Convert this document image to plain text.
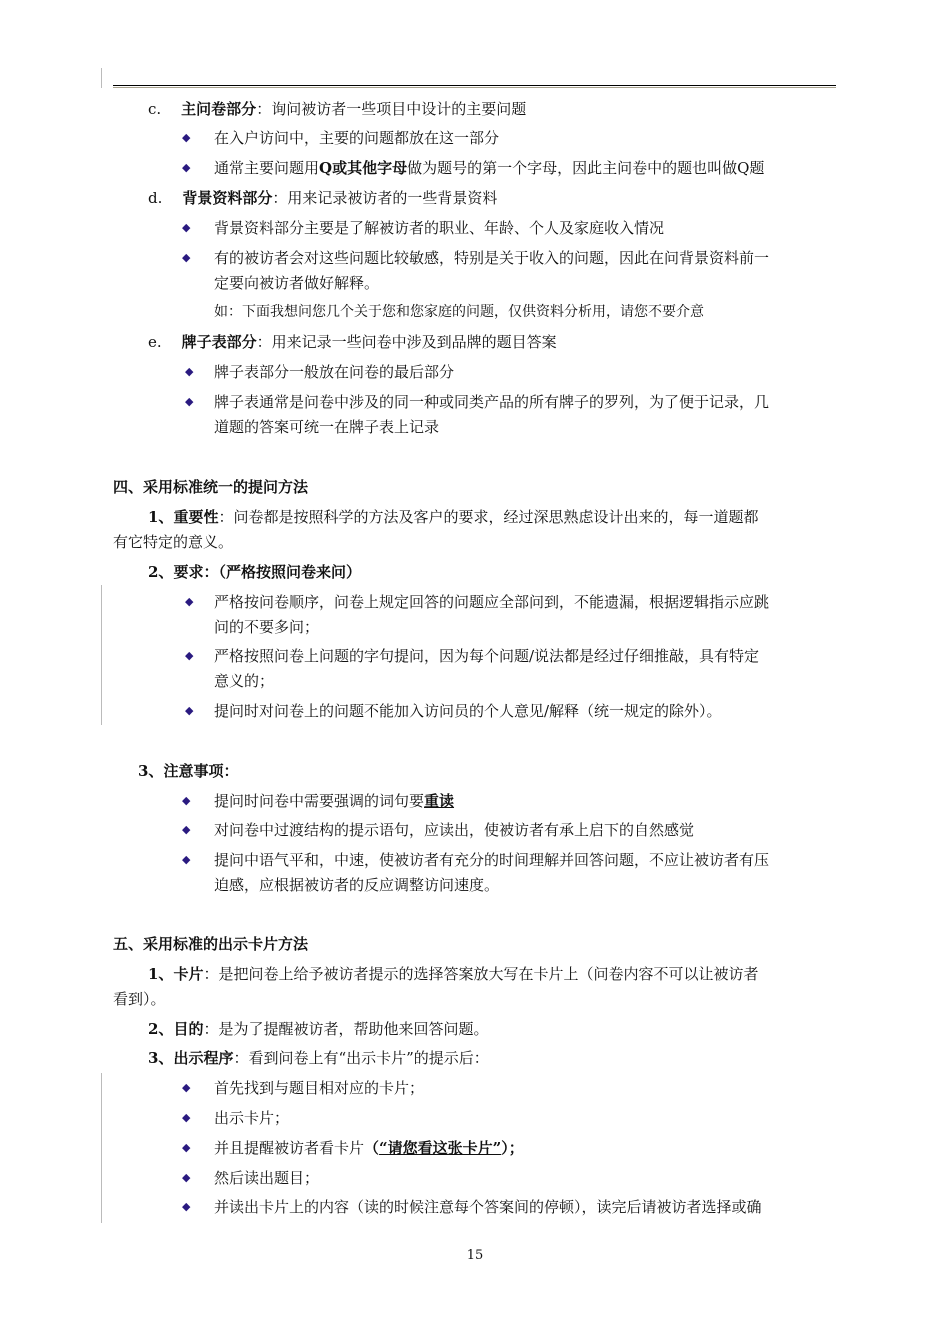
c. 主问卷部分：询问被访者一些项目中设计的主要问题
◆ 在入户访问中，主要的问题都放在这一部分
◆ 通常主要问题用Q或其他字母做为题号的第一个字母，因此主问卷中的题也叫做Q题
d. 背景资料部分：用来记录被访者的一些背景资料
◆ 背景资料部分主要是了解被访者的职业、年龄、个人及家庭收入情况
◆ 有的被访者会对这些问题比较敏感，特别是关于收入的问题，因此在问背景资料前一
定要向被访者做好解释。
如：下面我想问您几个关于您和您家庭的问题，仅供资料分析用，请您不要介意
e. 牌子表部分：用来记录一些问卷中涉及到品牌的题目答案
◆ 牌子表部分一般放在问卷的最后部分
◆ 牌子表通常是问卷中涉及的同一种或同类产品的所有牌子的罗列，为了便于记录，几
道题的答案可统一在牌子表上记录
四、采用标准统一的提问方法
1、重要性：问卷都是按照科学的方法及客户的要求，经过深思熟虑设计出来的，每一道题都
有它特定的意义。
2、要求：（严格按照问卷来问）
◆ 严格按问卷顺序，问卷上规定回答的问题应全部问到，不能遗漏，根据逻辑指示应跳
问的不要多问；
◆ 严格按照问卷上问题的字句提问，因为每个问题/说法都是经过仔细推敲，具有特定
意义的；
◆ 提问时对问卷上的问题不能加入访问员的个人意见/解释（统一规定的除外）。
3、注意事项：
◆ 提问时问卷中需要强调的词句要重读
◆ 对问卷中过渡结构的提示语句，应读出，使被访者有承上启下的自然感觉
◆ 提问中语气平和，中速，使被访者有充分的时间理解并回答问题，不应让被访者有压
迫感，应根据被访者的反应调整访问速度。
五、采用标准的出示卡片方法
1、卡片：是把问卷上给予被访者提示的选择答案放大写在卡片上（问卷内容不可以让被访者
看到）。
2、目的：是为了提醒被访者，帮助他来回答问题。
3、出示程序：看到问卷上有“出示卡片”的提示后：
◆ 首先找到与题目相对应的卡片；
◆ 出示卡片；
◆ 并且提醒被访者看卡片（“请您看这张卡片”）；
◆ 然后读出题目；
◆ 并读出卡片上的内容（读的时候注意每个答案间的停顿），读完后请被访者选择或确
15
